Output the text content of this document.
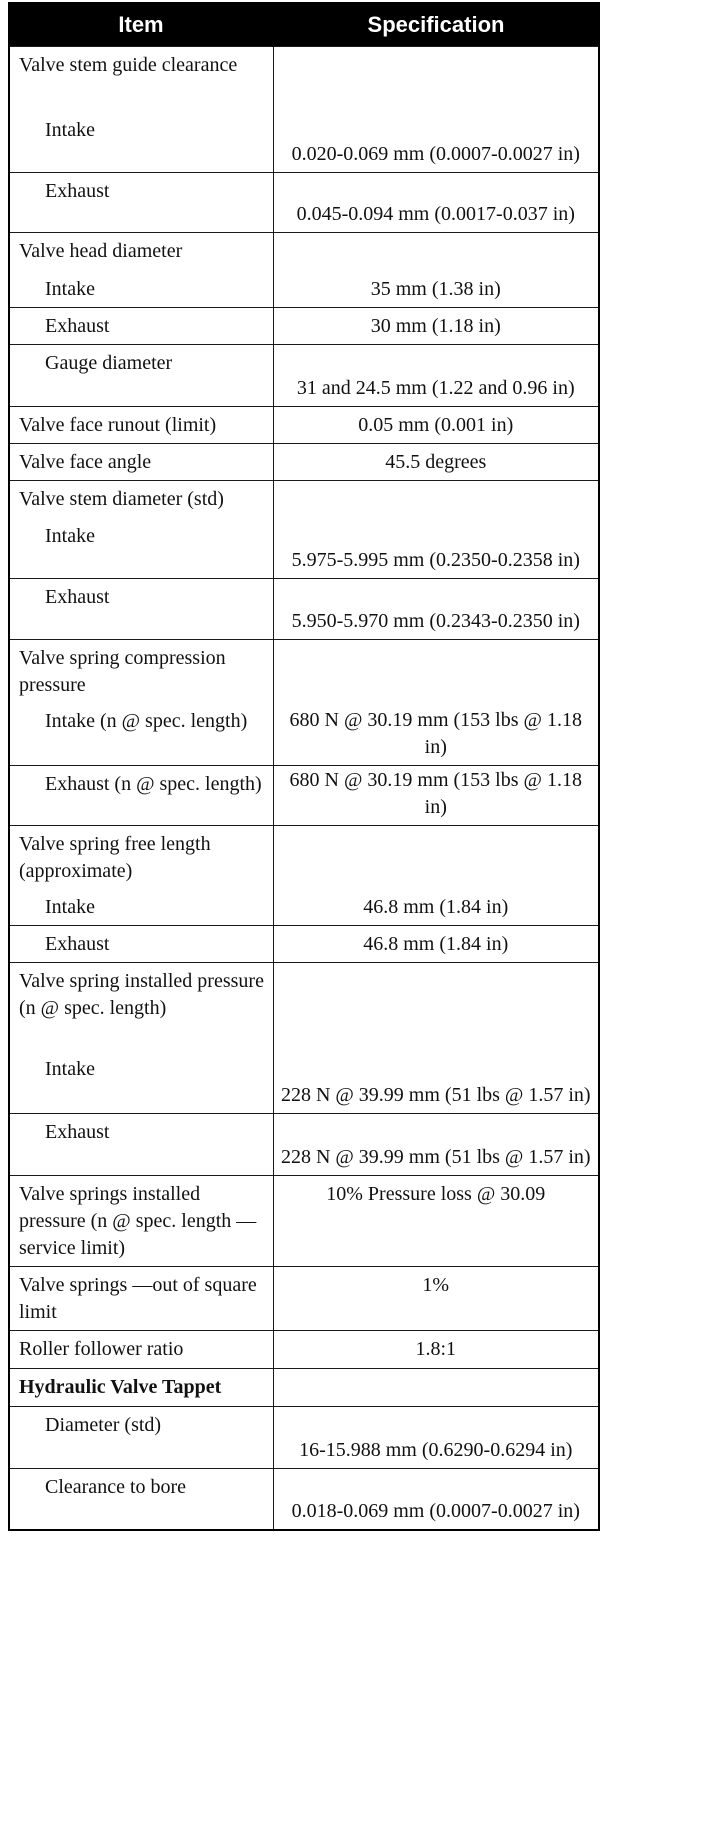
Item	Specification
Valve stem guide clearance	
Intake	0.020-0.069 mm (0.0007-0.0027 in)
Exhaust	0.045-0.094 mm (0.0017-0.037 in)
Valve head diameter	
Intake	35 mm (1.38 in)
Exhaust	30 mm (1.18 in)
Gauge diameter	31 and 24.5 mm (1.22 and 0.96 in)
Valve face runout (limit)	0.05 mm (0.001 in)
Valve face angle	45.5 degrees
Valve stem diameter (std)	
Intake	5.975-5.995 mm (0.2350-0.2358 in)
Exhaust	5.950-5.970 mm (0.2343-0.2350 in)
Valve spring compression pressure	
Intake (n @ spec. length)	680 N @ 30.19 mm (153 lbs @ 1.18 in)
Exhaust (n @ spec. length)	680 N @ 30.19 mm (153 lbs @ 1.18 in)
Valve spring free length (approximate)	
Intake	46.8 mm (1.84 in)
Exhaust	46.8 mm (1.84 in)
Valve spring installed pressure (n @ spec. length)	
Intake	228 N @ 39.99 mm (51 lbs @ 1.57 in)
Exhaust	228 N @ 39.99 mm (51 lbs @ 1.57 in)
Valve springs installed pressure (n @ spec. length —service limit)	10% Pressure loss @ 30.09
Valve springs —out of square limit	1%
Roller follower ratio	1.8:1
Hydraulic Valve Tappet	
Diameter (std)	16-15.988 mm (0.6290-0.6294 in)
Clearance to bore	0.018-0.069 mm (0.0007-0.0027 in)
